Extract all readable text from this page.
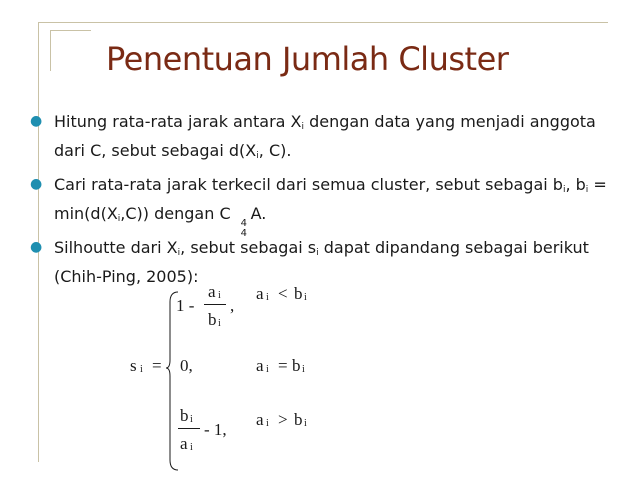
Penentuan Jumlah Cluster
● Hitung rata-rata jarak antara $X_i$ dengan data yang menjadi anggota dari C, sebut sebagai $d(X_i$, C).
● Cari rata-rata jarak terkecil dari semua cluster, sebut sebagai $b_i$, $b_i = \min(d(X_i,C))$ dengan C
4
4
A.
● Silhoutte dari $X_i$, sebut sebagai $s_i$ dapat dipandang sebagai berikut (Chih-Ping, 2005):
s i =
1 -
a i
b i
,
a i < b i
0,	a i = b i
b i
a i
- 1,
a i > b i
